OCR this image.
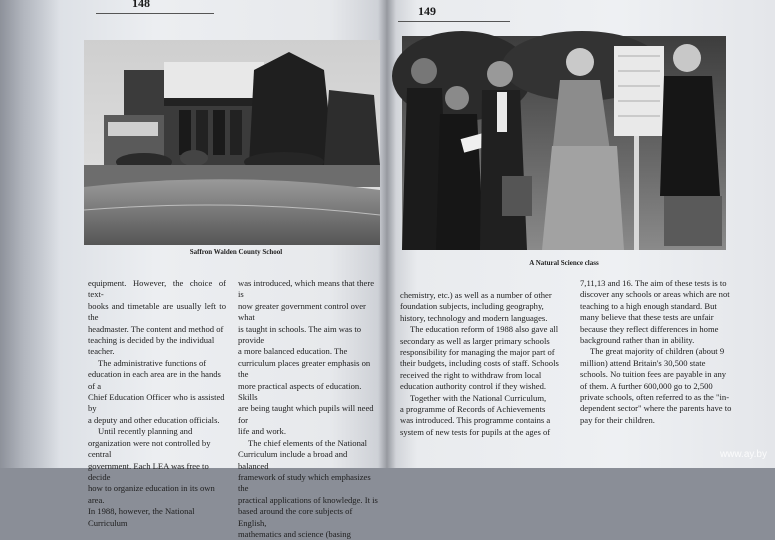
148
Saffron Walden County School

equipment. However, the choice of text-

books and timetable are usually left to the

headmaster. The content and method of

teaching is decided by the individual

teacher.

The administrative functions of

education in each area are in the hands of a

Chief Education Officer who is assisted by

a deputy and other education officials.

Until recently planning and

organization were not controlled by central

government. Each LEA was free to decide

how to organize education in its own area.

In 1988, however, the National Curriculum

was introduced, which means that there is

now greater government control over what

is taught in schools. The aim was to provide

a more balanced education. The

curriculum places greater emphasis on the

more practical aspects of education. Skills

are being taught which pupils will need for

life and work.

The chief elements of the National

Curriculum include a broad and balanced

framework of study which emphasizes the

practical applications of knowledge. It is

based around the core subjects of English,

mathematics and science (basing

149
A Natural Science class

chemistry, etc.) as well as a number of other

foundation subjects, including geography,

history, technology and modern languages.

The education reform of 1988 also gave all

secondary as well as larger primary schools

responsibility for managing the major part of

their budgets, including costs of staff. Schools

received the right to withdraw from local

education authority control if they wished.

Together with the National Curriculum,

a programme of Records of Achievements

was introduced. This programme contains a

system of new tests for pupils at the ages of

7,11,13 and 16. The aim of these tests is to

discover any schools or areas which are not

teaching to a high enough standard. But

many believe that these tests are unfair

because they reflect differences in home

background rather than in ability.

The great majority of children (about 9

million) attend Britain's 30,500 state

schools. No tuition fees are payable in any

of them. A further 600,000 go to 2,500

private schools, often referred to as the "in-

dependent sector" where the parents have to

pay for their children.

www.ay.by
